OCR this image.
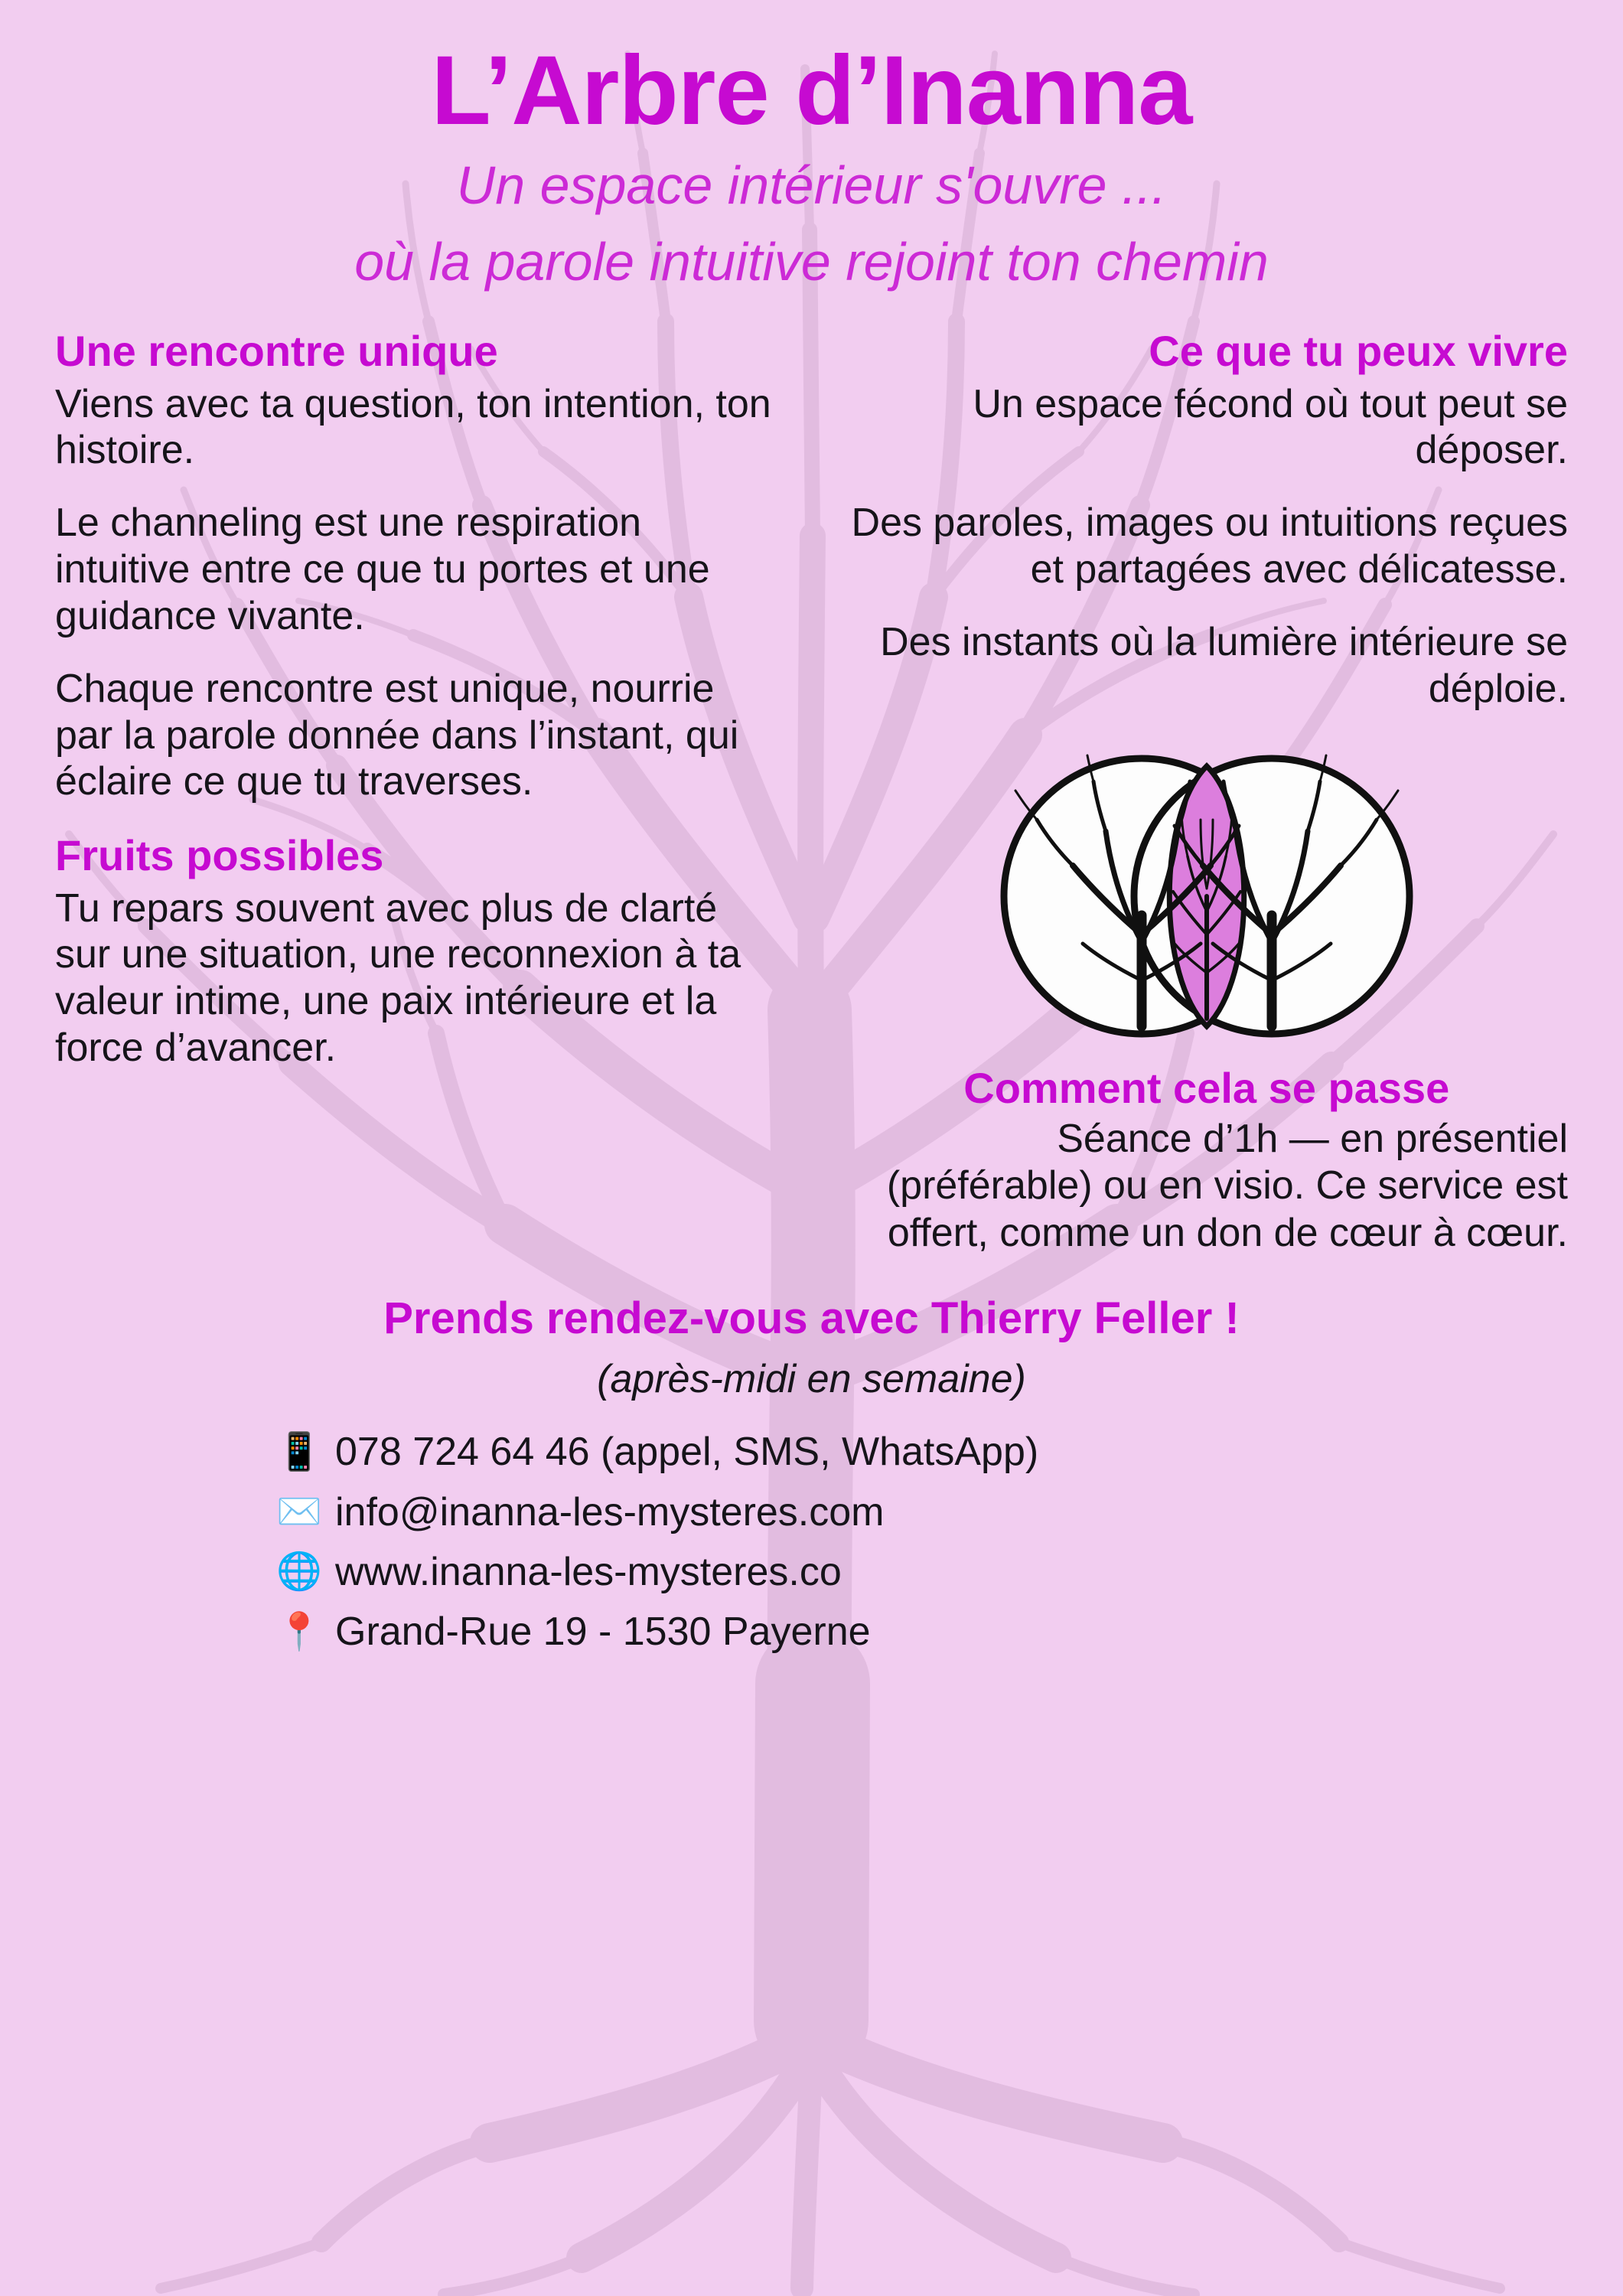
L’Arbre d’Inanna
Un espace intérieur s'ouvre ...
où la parole intuitive rejoint ton chemin
Une rencontre unique

Viens avec ta question, ton intention, ton histoire.

Le channeling est une respiration intuitive entre ce que tu portes et une guidance vivante.

Chaque rencontre est unique, nourrie par la parole donnée dans l’instant, qui éclaire ce que tu traverses.

Fruits possibles

Tu repars souvent avec plus de clarté sur une situation, une reconnexion à ta valeur intime, une paix intérieure et la force d’avancer.

Ce que tu peux vivre

Un espace fécond où tout peut se déposer.

Des paroles, images ou intuitions reçues et partagées avec délicatesse.

Des instants où la lumière intérieure se déploie.

Comment cela se passe

Séance d’1h — en présentiel (préférable) ou en visio. Ce service est offert, comme un don de cœur à cœur.

Prends rendez-vous avec Thierry Feller !
(après-midi en semaine)
📱 078 724 64 46 (appel, SMS, WhatsApp)
✉️ info@inanna-les-mysteres.com
🌐 www.inanna-les-mysteres.co
📍 Grand-Rue 19 - 1530 Payerne
